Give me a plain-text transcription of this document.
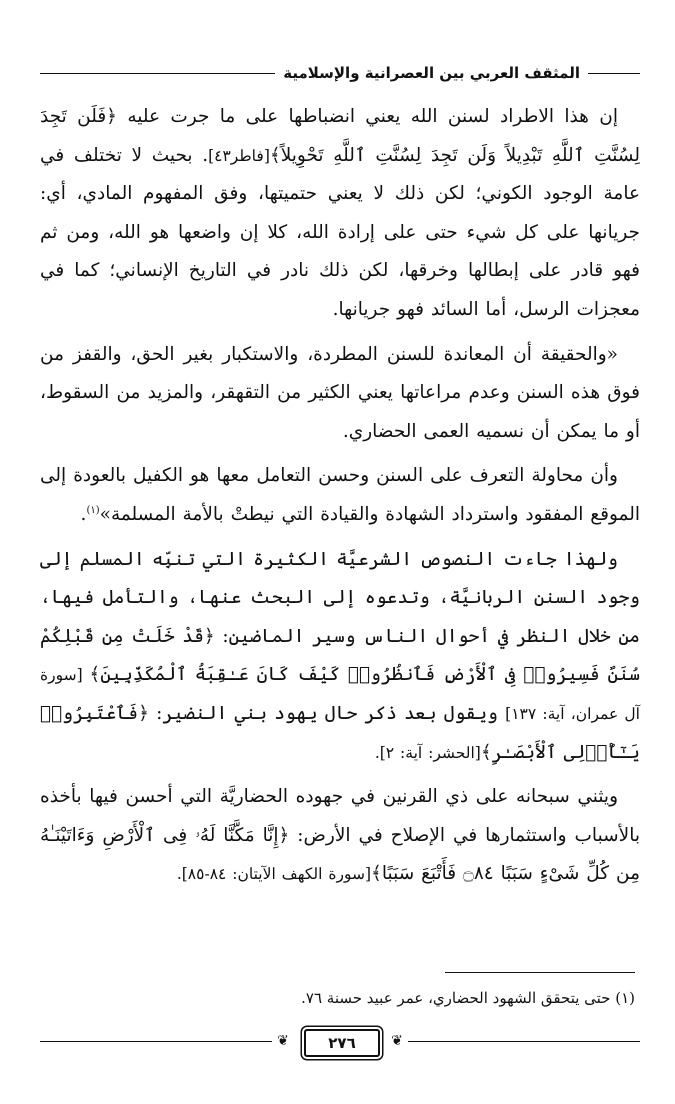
المثقف العربي بين العصرانية والإسلامية

إن هذا الاطراد لسنن الله يعني انضباطها على ما جرت عليه ﴿فَلَن تَجِدَ لِسُنَّتِ ٱللَّهِ تَبْدِيلاً وَلَن تَجِدَ لِسُنَّتِ ٱللَّهِ تَحْوِيلاً﴾[فاطر٤٣]. بحيث لا تختلف في عامة الوجود الكوني؛ لكن ذلك لا يعني حتميتها، وفق المفهوم المادي، أي: جريانها على كل شيء حتى على إرادة الله، كلا إن واضعها هو الله، ومن ثم فهو قادر على إبطالها وخرقها، لكن ذلك نادر في التاريخ الإنساني؛ كما في معجزات الرسل، أما السائد فهو جريانها.

«والحقيقة أن المعاندة للسنن المطردة، والاستكبار بغير الحق، والقفز من فوق هذه السنن وعدم مراعاتها يعني الكثير من التقهقر، والمزيد من السقوط، أو ما يمكن أن نسميه العمى الحضاري.

وأن محاولة التعرف على السنن وحسن التعامل معها هو الكفيل بالعودة إلى الموقع المفقود واسترداد الشهادة والقيادة التي نيطتْ بالأمة المسلمة»$^{(١)}$.

ولهذا جاءت النصوص الشرعيَّة الكثيرة التي تنبِّه المسلم إلى وجود السنن الربانيَّة، وتدعوه إلى البحث عنها، والتأمل فيها، من خلال النظر في أحوال الناس وسير الماضين: ﴿قَدْ خَلَتْ مِن قَبْلِكُمْ سُنَنٌ فَسِيرُوا۟ فِى ٱلْأَرْضِ فَٱنظُرُوا۟ كَيْفَ كَانَ عَـٰقِبَةُ ٱلْمُكَذِّبِينَ﴾ [سورة آل عمران، آية: ١٣٧] ويقول بعد ذكر حال يهود بني النضير: ﴿فَٱعْتَبِرُوا۟ يَـٰٓأُو۟لِى ٱلْأَبْصَـٰرِ﴾[الحشر: آية: ٢].

ويثني سبحانه على ذي القرنين في جهوده الحضاريَّة التي أحسن فيها بأخذه بالأسباب واستثمارها في الإصلاح في الأرض: ﴿إِنَّا مَكَّنَّا لَهُۥ فِى ٱلْأَرْضِ وَءَاتَيْنَـٰهُ مِن كُلِّ شَىْءٍ سَبَبًا ۝٨٤ فَأَتْبَعَ سَبَبًا﴾[سورة الكهف الآيتان: ٨٤-٨٥].

(١) حتى يتحقق الشهود الحضاري، عمر عبيد حسنة ٧٦.
❦	٢٧٦	❦
